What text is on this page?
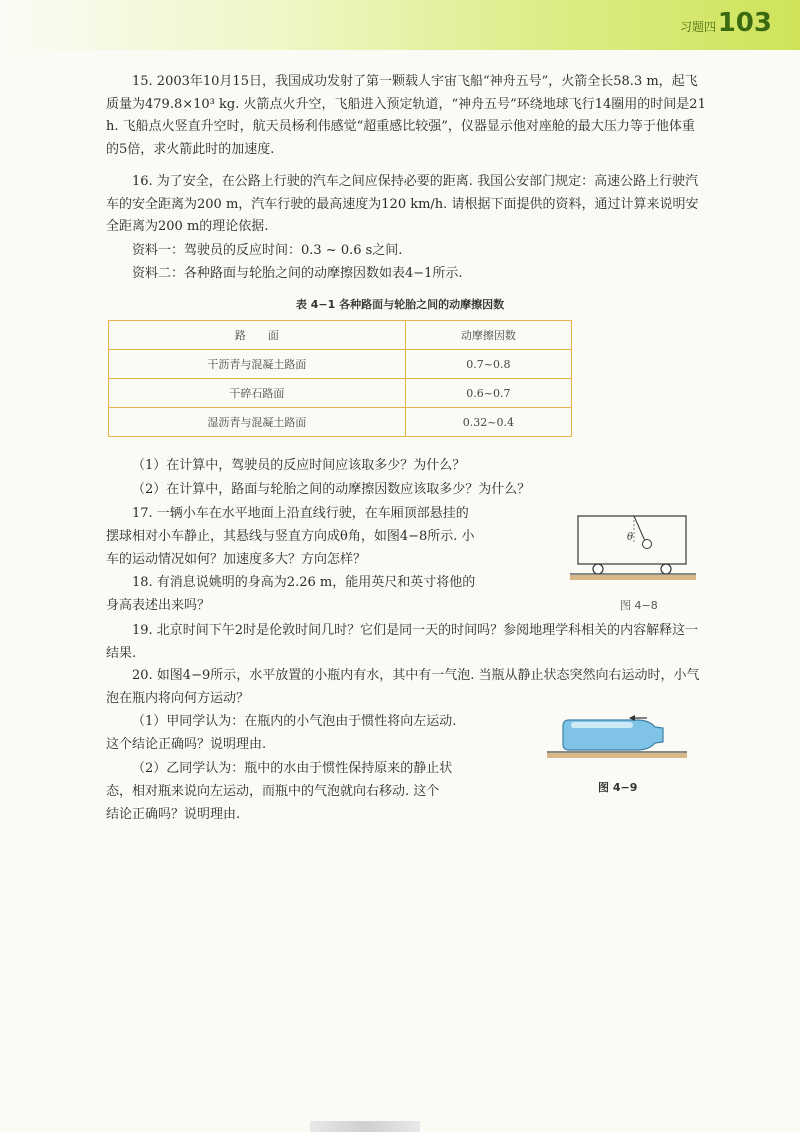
习题四 103
15. 2003年10月15日，我国成功发射了第一颗载人宇宙飞船“神舟五号”，火箭全长58.3 m，起飞质量为479.8×10³ kg. 火箭点火升空，飞船进入预定轨道，“神舟五号”环绕地球飞行14圈用的时间是21 h. 飞船点火竖直升空时，航天员杨利伟感觉“超重感比较强”，仪器显示他对座舱的最大压力等于他体重的5倍，求火箭此时的加速度.
16. 为了安全，在公路上行驶的汽车之间应保持必要的距离. 我国公安部门规定：高速公路上行驶汽车的安全距离为200 m，汽车行驶的最高速度为120 km/h. 请根据下面提供的资料，通过计算来说明安全距离为200 m的理论依据.
资料一：驾驶员的反应时间：0.3 ~ 0.6 s之间.
资料二：各种路面与轮胎之间的动摩擦因数如表4−1所示.
表 4−1 各种路面与轮胎之间的动摩擦因数
路　　面	动摩擦因数
干沥青与混凝土路面	0.7~0.8
干碎石路面	0.6~0.7
湿沥青与混凝土路面	0.32~0.4
（1）在计算中，驾驶员的反应时间应该取多少？为什么？
（2）在计算中，路面与轮胎之间的动摩擦因数应该取多少？为什么？
17. 一辆小车在水平地面上沿直线行驶，在车厢顶部悬挂的
摆球相对小车静止，其悬线与竖直方向成θ角，如图4−8所示. 小
车的运动情况如何？加速度多大？方向怎样？
θ
图 4−8
18. 有消息说姚明的身高为2.26 m，能用英尺和英寸将他的
身高表述出来吗？
19. 北京时间下午2时是伦敦时间几时？它们是同一天的时间吗？参阅地理学科相关的内容解释这一结果.
20. 如图4−9所示，水平放置的小瓶内有水，其中有一气泡. 当瓶从静止状态突然向右运动时，小气泡在瓶内将向何方运动？
（1）甲同学认为：在瓶内的小气泡由于惯性将向左运动.
这个结论正确吗？说明理由.
（2）乙同学认为：瓶中的水由于惯性保持原来的静止状
态，相对瓶来说向左运动，而瓶中的气泡就向右移动. 这个
结论正确吗？说明理由.
图 4−9
